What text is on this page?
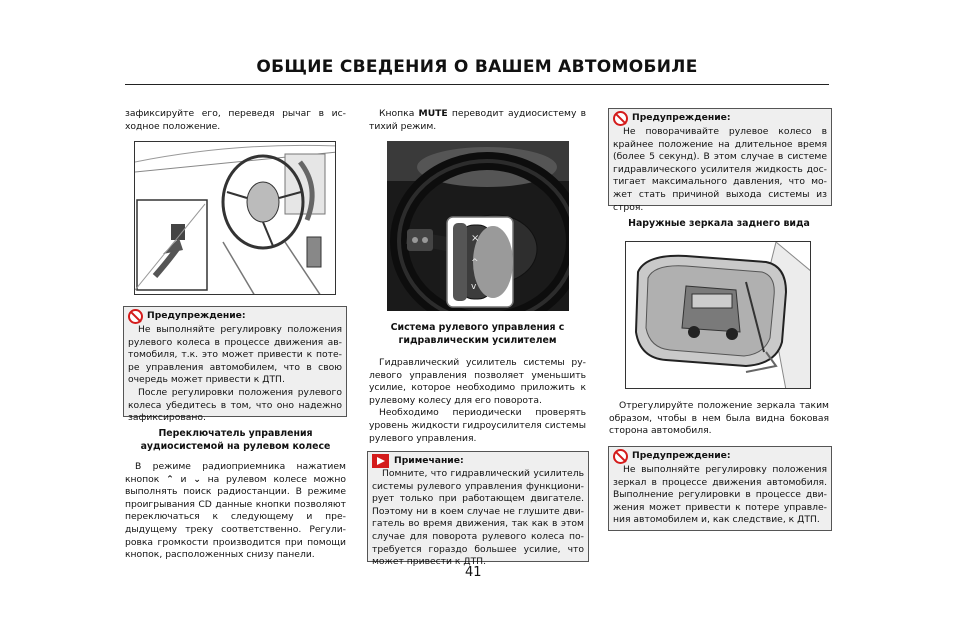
ОБЩИЕ СВЕДЕНИЯ О ВАШЕМ АВТОМОБИЛЕ

зафиксируйте его, переведя рычаг в исходное положение.

Предупреждение:

Не выполняйте регулировку положения рулевого колеса в процессе движения автомобиля, т.к. это может привести к потере управления автомобилем, что в свою очередь может привести к ДТП.

После регулировки положения рулевого колеса убедитесь в том, что оно надежно зафиксировано.

Переключатель управления аудиосистемой на рулевом колесе

В режиме радиоприемника нажатием кнопок ⌃ и ⌄ на рулевом колесе можно выполнять поиск радиостанции. В режиме проигрывания CD данные кнопки позволяют переключаться к следующему и предыдущему треку соответственно. Регулировка громкости производится при помощи кнопок, расположенных снизу панели.

Кнопка MUTE переводит аудиосистему в тихий режим.

×
^
v
Система рулевого управления с гидравлическим усилителем

Гидравлический усилитель системы рулевого управления позволяет уменьшить усилие, которое необходимо приложить к рулевому колесу для его поворота.

Необходимо периодически проверять уровень жидкости гидроусилителя системы рулевого управления.

Примечание:

Помните, что гидравлический усилитель системы рулевого управления функционирует только при работающем двигателе. Поэтому ни в коем случае не глушите двигатель во время движения, так как в этом случае для поворота рулевого колеса потребуется гораздо большее усилие, что может привести к ДТП.

Предупреждение:

Не поворачивайте рулевое колесо в крайнее положение на длительное время (более 5 секунд). В этом случае в системе гидравлического усилителя жидкость достигает максимального давления, что может стать причиной выхода системы из строя.

Наружные зеркала заднего вида

Отрегулируйте положение зеркала таким образом, чтобы в нем была видна боковая сторона автомобиля.

Предупреждение:

Не выполняйте регулировку положения зеркал в процессе движения автомобиля. Выполнение регулировки в процессе движения может привести к потере управления автомобилем и, как следствие, к ДТП.

41
